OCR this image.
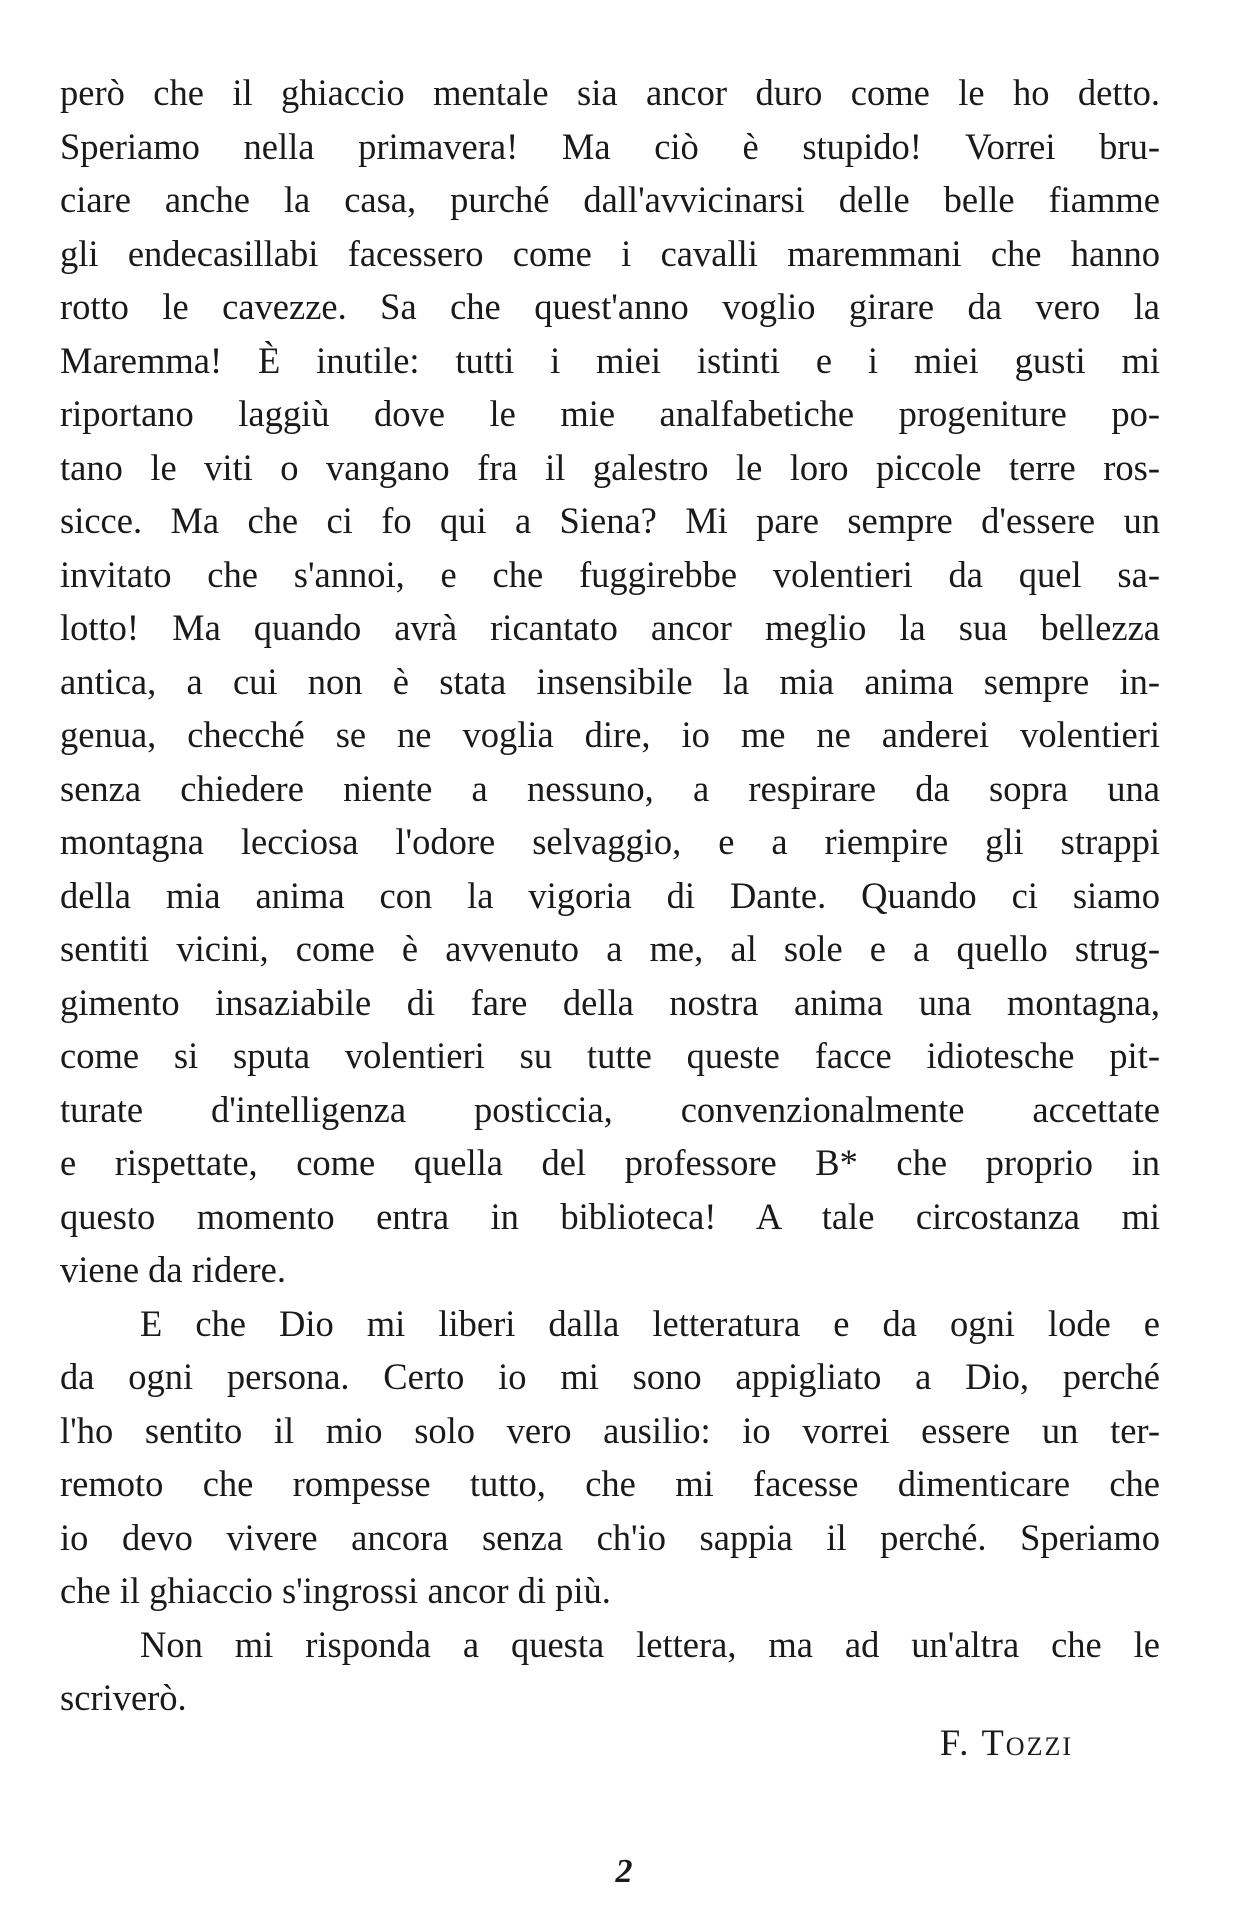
però che il ghiaccio mentale sia ancor duro come le ho detto.
Speriamo nella primavera! Ma ciò è stupido! Vorrei bru-
ciare anche la casa, purché dall'avvicinarsi delle belle fiamme
gli endecasillabi facessero come i cavalli maremmani che hanno
rotto le cavezze. Sa che quest'anno voglio girare da vero la
Maremma! È inutile: tutti i miei istinti e i miei gusti mi
riportano laggiù dove le mie analfabetiche progeniture po-
tano le viti o vangano fra il galestro le loro piccole terre ros-
sicce. Ma che ci fo qui a Siena? Mi pare sempre d'essere un
invitato che s'annoi, e che fuggirebbe volentieri da quel sa-
lotto! Ma quando avrà ricantato ancor meglio la sua bellezza
antica, a cui non è stata insensibile la mia anima sempre in-
genua, checché se ne voglia dire, io me ne anderei volentieri
senza chiedere niente a nessuno, a respirare da sopra una
montagna lecciosa l'odore selvaggio, e a riempire gli strappi
della mia anima con la vigoria di Dante. Quando ci siamo
sentiti vicini, come è avvenuto a me, al sole e a quello strug-
gimento insaziabile di fare della nostra anima una montagna,
come si sputa volentieri su tutte queste facce idiotesche pit-
turate d'intelligenza posticcia, convenzionalmente accettate
e rispettate, come quella del professore B* che proprio in
questo momento entra in biblioteca! A tale circostanza mi
viene da ridere.
E che Dio mi liberi dalla letteratura e da ogni lode e
da ogni persona. Certo io mi sono appigliato a Dio, perché
l'ho sentito il mio solo vero ausilio: io vorrei essere un ter-
remoto che rompesse tutto, che mi facesse dimenticare che
io devo vivere ancora senza ch'io sappia il perché. Speriamo
che il ghiaccio s'ingrossi ancor di più.
Non mi risponda a questa lettera, ma ad un'altra che le
scriverò.
F. Tozzi
2
